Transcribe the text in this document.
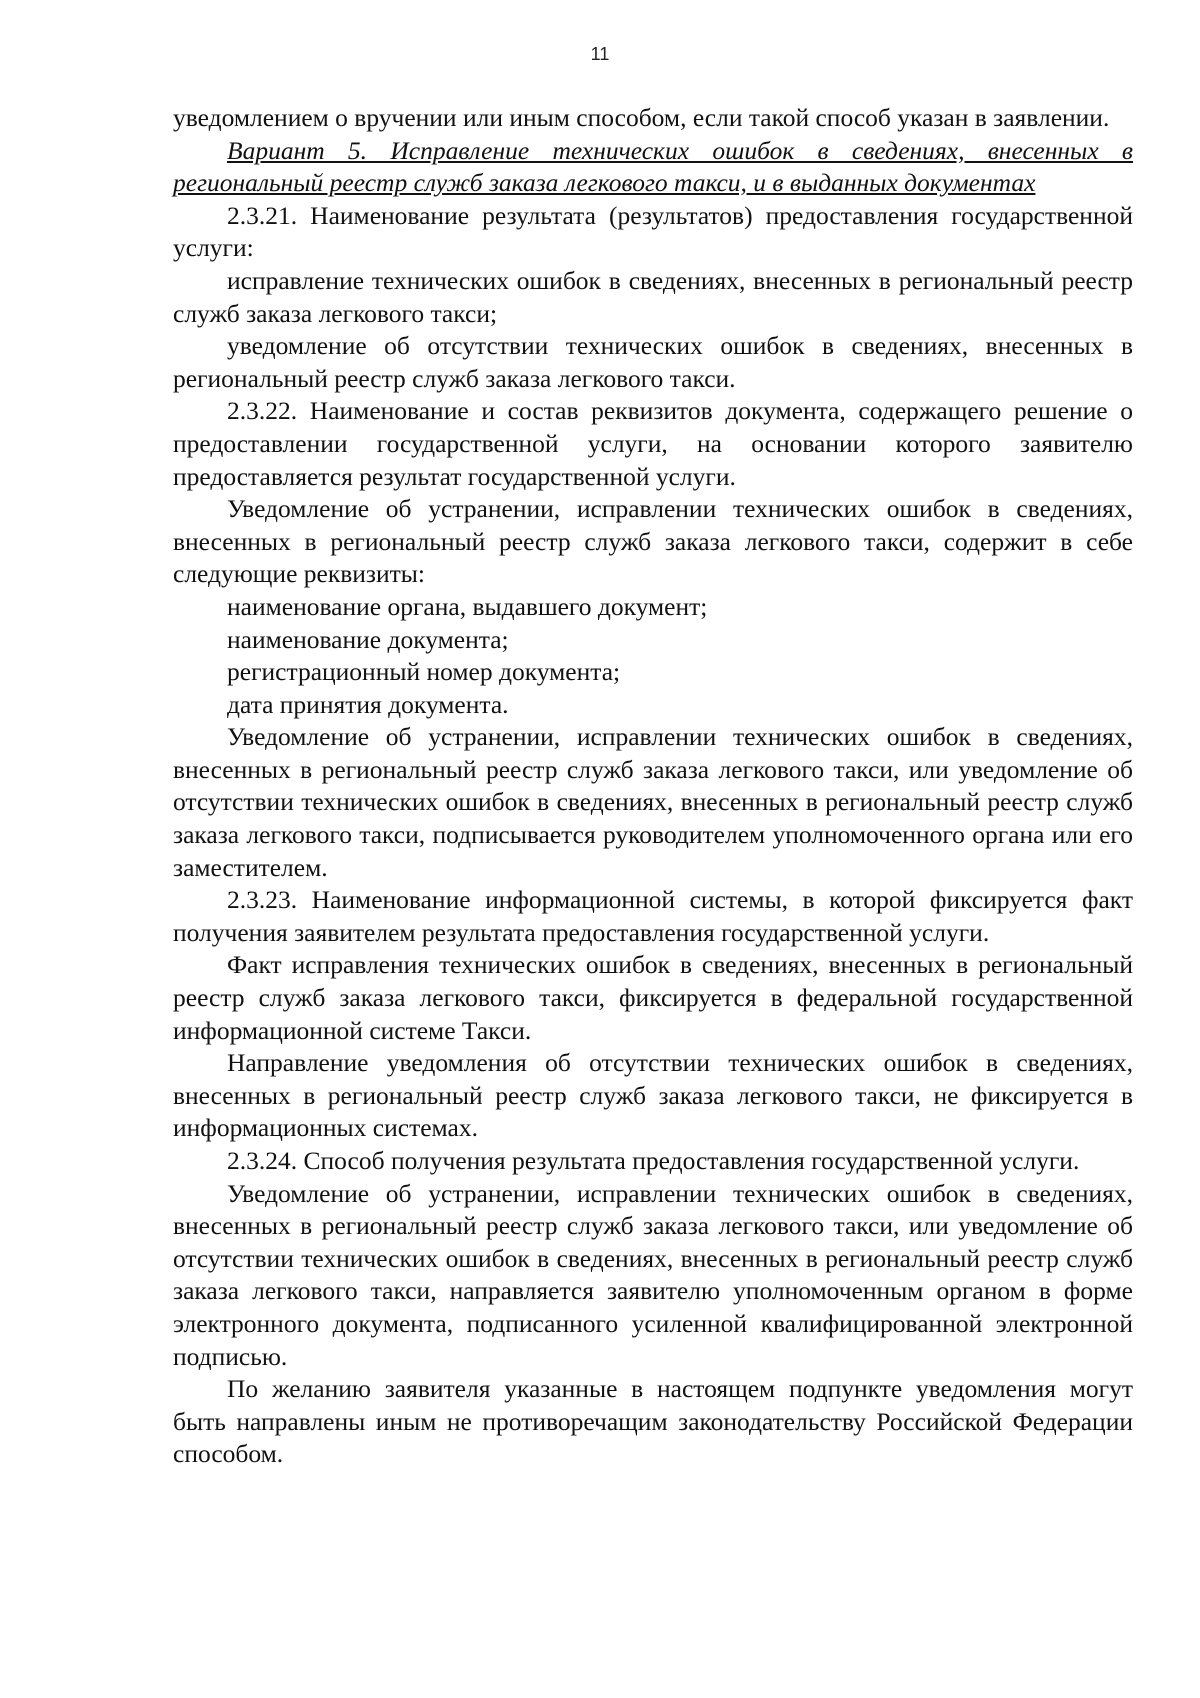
11

уведомлением о вручении или иным способом, если такой способ указан в заявлении.

Вариант 5. Исправление технических ошибок в сведениях, внесенных в региональный реестр служб заказа легкового такси, и в выданных документах

2.3.21. Наименование результата (результатов) предоставления государственной услуги:

исправление технических ошибок в сведениях, внесенных в региональный реестр служб заказа легкового такси;

уведомление об отсутствии технических ошибок в сведениях, внесенных в региональный реестр служб заказа легкового такси.

2.3.22. Наименование и состав реквизитов документа, содержащего решение о предоставлении государственной услуги, на основании которого заявителю предоставляется результат государственной услуги.

Уведомление об устранении, исправлении технических ошибок в сведениях, внесенных в региональный реестр служб заказа легкового такси, содержит в себе следующие реквизиты:

наименование органа, выдавшего документ;

наименование документа;

регистрационный номер документа;

дата принятия документа.

Уведомление об устранении, исправлении технических ошибок в сведениях, внесенных в региональный реестр служб заказа легкового такси, или уведомление об отсутствии технических ошибок в сведениях, внесенных в региональный реестр служб заказа легкового такси, подписывается руководителем уполномоченного органа или его заместителем.

2.3.23. Наименование информационной системы, в которой фиксируется факт получения заявителем результата предоставления государственной услуги.

Факт исправления технических ошибок в сведениях, внесенных в региональный реестр служб заказа легкового такси, фиксируется в федеральной государственной информационной системе Такси.

Направление уведомления об отсутствии технических ошибок в сведениях, внесенных в региональный реестр служб заказа легкового такси, не фиксируется в информационных системах.

2.3.24. Способ получения результата предоставления государственной услуги.

Уведомление об устранении, исправлении технических ошибок в сведениях, внесенных в региональный реестр служб заказа легкового такси, или уведомление об отсутствии технических ошибок в сведениях, внесенных в региональный реестр служб заказа легкового такси, направляется заявителю уполномоченным органом в форме электронного документа, подписанного усиленной квалифицированной электронной подписью.

По желанию заявителя указанные в настоящем подпункте уведомления могут быть направлены иным не противоречащим законодательству Российской Федерации способом.
